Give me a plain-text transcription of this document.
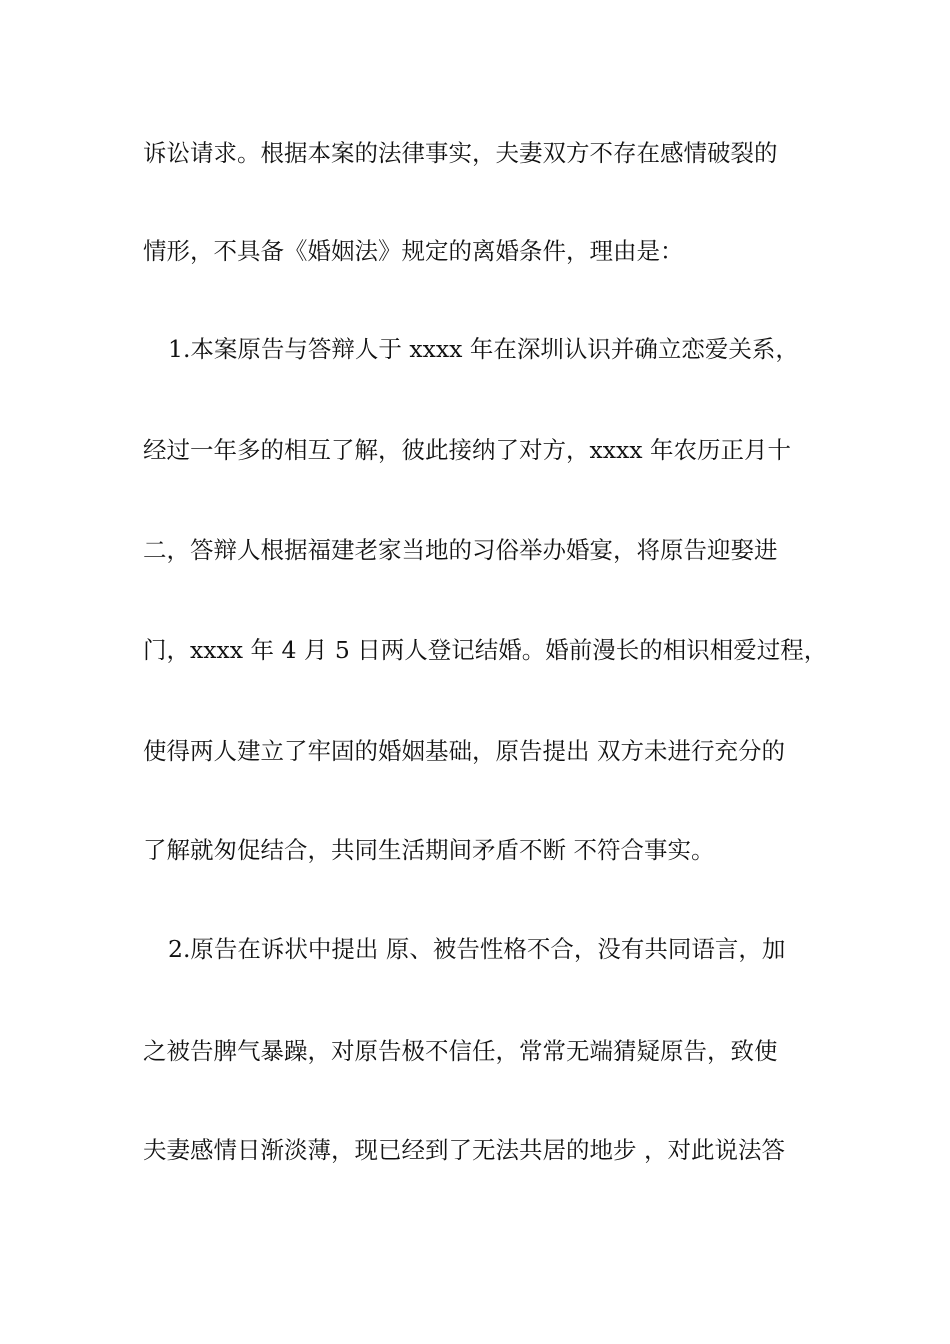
诉讼请求。根据本案的法律事实，夫妻双方不存在感情破裂的
情形，不具备《婚姻法》规定的离婚条件，理由是：
1.本案原告与答辩人于 xxxx 年在深圳认识并确立恋爱关系，
经过一年多的相互了解，彼此接纳了对方，xxxx 年农历正月十
二，答辩人根据福建老家当地的习俗举办婚宴，将原告迎娶进
门，xxxx 年 4 月 5 日两人登记结婚。婚前漫长的相识相爱过程，
使得两人建立了牢固的婚姻基础，原告提出 双方未进行充分的
了解就匆促结合，共同生活期间矛盾不断 不符合事实。
2.原告在诉状中提出 原、被告性格不合，没有共同语言，加
之被告脾气暴躁，对原告极不信任，常常无端猜疑原告，致使
夫妻感情日渐淡薄，现已经到了无法共居的地步 ，对此说法答
